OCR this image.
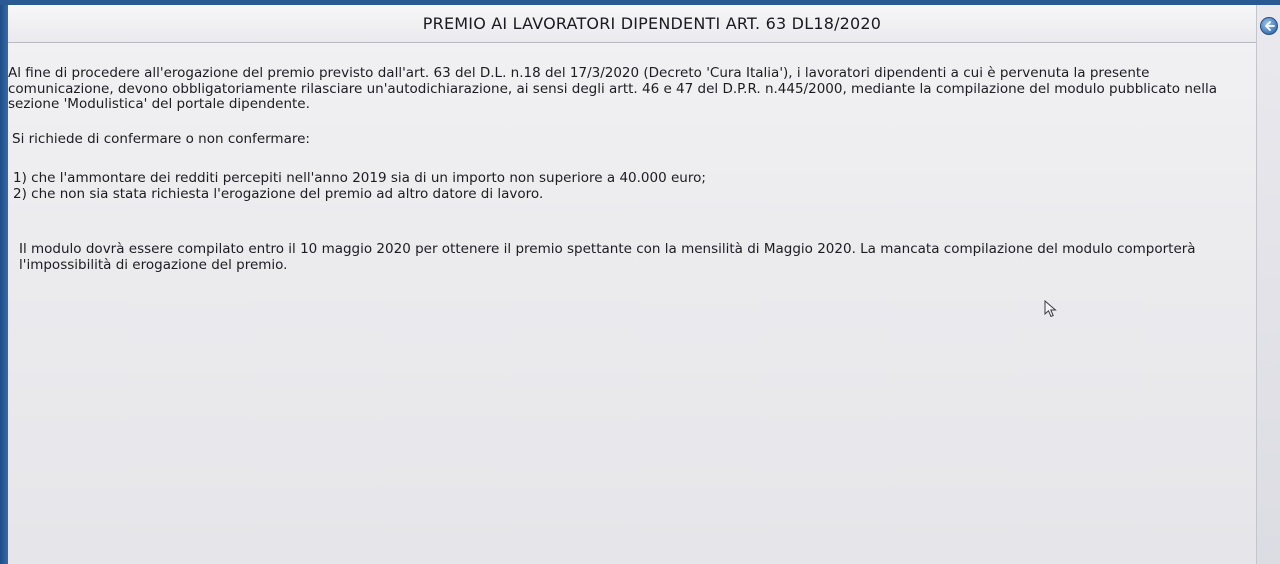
PREMIO AI LAVORATORI DIPENDENTI ART. 63 DL18/2020

Al fine di procedere all'erogazione del premio previsto dall'art. 63 del D.L. n.18 del 17/3/2020 (Decreto 'Cura Italia'), i lavoratori dipendenti a cui è pervenuta la presente comunicazione, devono obbligatoriamente rilasciare un'autodichiarazione, ai sensi degli artt. 46 e 47 del D.P.R. n.445/2000, mediante la compilazione del modulo pubblicato nella sezione 'Modulistica' del portale dipendente.

Si richiede di confermare o non confermare:

1) che l'ammontare dei redditi percepiti nell'anno 2019 sia di un importo non superiore a 40.000 euro;
2) che non sia stata richiesta l'erogazione del premio ad altro datore di lavoro.

Il modulo dovrà essere compilato entro il 10 maggio 2020 per ottenere il premio spettante con la mensilità di Maggio 2020. La mancata compilazione del modulo comporterà l'impossibilità di erogazione del premio.
